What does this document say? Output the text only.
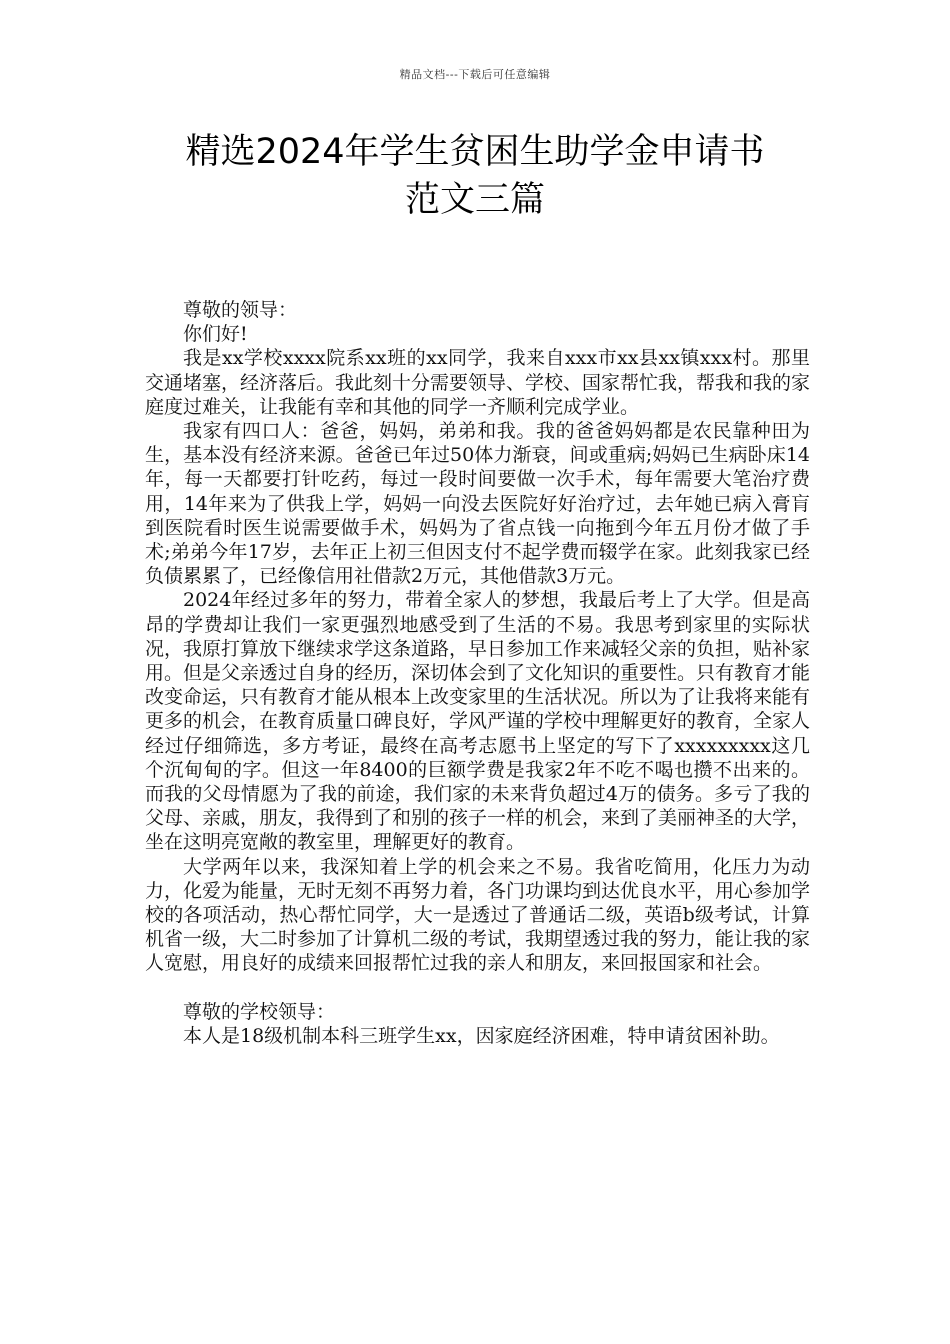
精品文档---下载后可任意编辑
精选2024年学生贫困生助学金申请书
范文三篇

尊敬的领导：

你们好!

我是xx学校xxxx院系xx班的xx同学，我来自xxx市xx县xx镇xxx村。那里交通堵塞，经济落后。我此刻十分需要领导、学校、国家帮忙我，帮我和我的家庭度过难关，让我能有幸和其他的同学一齐顺利完成学业。

我家有四口人：爸爸，妈妈，弟弟和我。我的爸爸妈妈都是农民靠种田为生，基本没有经济来源。爸爸已年过50体力渐衰，间或重病;妈妈已生病卧床14年，每一天都要打针吃药，每过一段时间要做一次手术，每年需要大笔治疗费用，14年来为了供我上学，妈妈一向没去医院好好治疗过，去年她已病入膏肓到医院看时医生说需要做手术，妈妈为了省点钱一向拖到今年五月份才做了手术;弟弟今年17岁，去年正上初三但因支付不起学费而辍学在家。此刻我家已经负债累累了，已经像信用社借款2万元，其他借款3万元。

2024年经过多年的努力，带着全家人的梦想，我最后考上了大学。但是高昂的学费却让我们一家更强烈地感受到了生活的不易。我思考到家里的实际状况，我原打算放下继续求学这条道路，早日参加工作来减轻父亲的负担，贴补家用。但是父亲透过自身的经历，深切体会到了文化知识的重要性。只有教育才能改变命运，只有教育才能从根本上改变家里的生活状况。所以为了让我将来能有更多的机会，在教育质量口碑良好，学风严谨的学校中理解更好的教育，全家人经过仔细筛选，多方考证，最终在高考志愿书上坚定的写下了xxxxxxxxx这几个沉甸甸的字。但这一年8400的巨额学费是我家2年不吃不喝也攒不出来的。而我的父母情愿为了我的前途，我们家的未来背负超过4万的债务。多亏了我的父母、亲戚，朋友，我得到了和别的孩子一样的机会，来到了美丽神圣的大学，坐在这明亮宽敞的教室里，理解更好的教育。

大学两年以来，我深知着上学的机会来之不易。我省吃简用，化压力为动力，化爱为能量，无时无刻不再努力着，各门功课均到达优良水平，用心参加学校的各项活动，热心帮忙同学，大一是透过了普通话二级，英语b级考试，计算机省一级，大二时参加了计算机二级的考试，我期望透过我的努力，能让我的家人宽慰，用良好的成绩来回报帮忙过我的亲人和朋友，来回报国家和社会。

尊敬的学校领导：

本人是18级机制本科三班学生xx，因家庭经济困难，特申请贫困补助。
